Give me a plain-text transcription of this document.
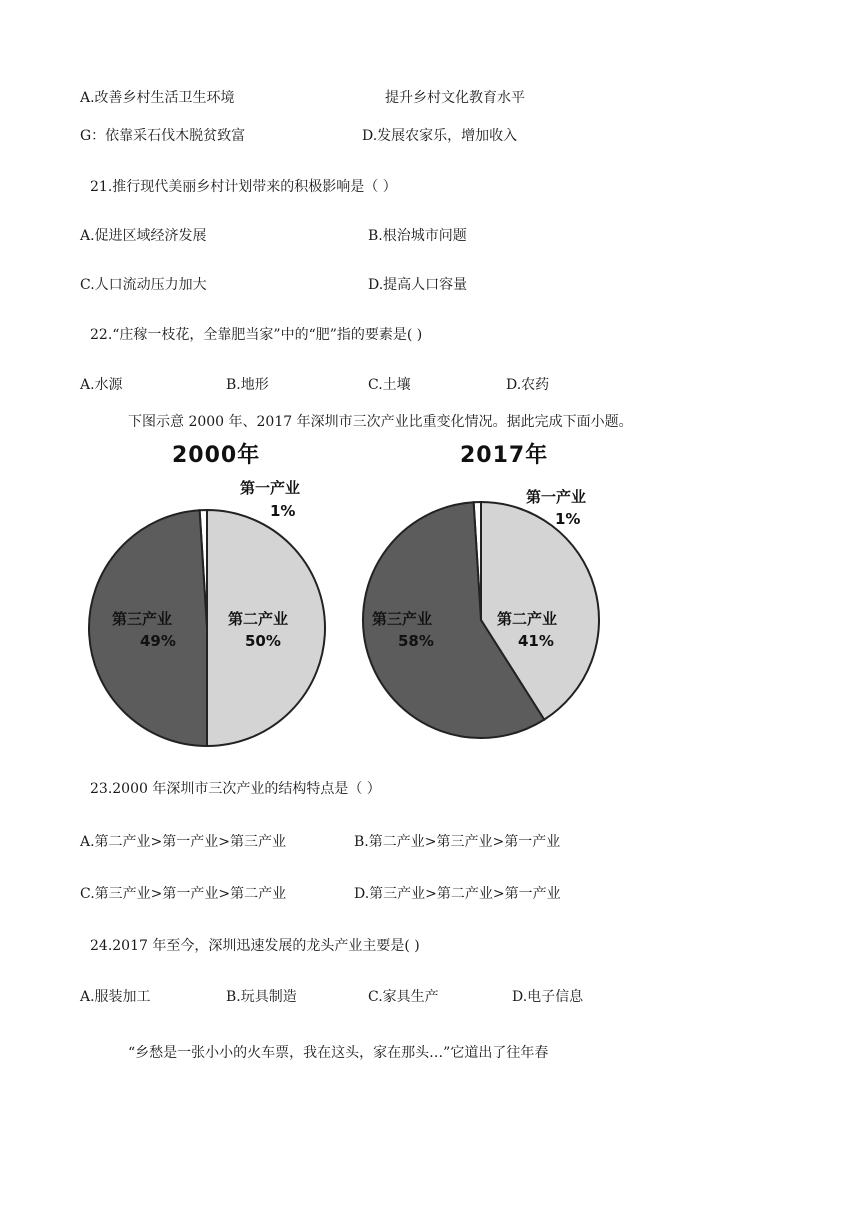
A.改善乡村生活卫生环境	提升乡村文化教育水平
G：依靠采石伐木脱贫致富	D.发展农家乐，增加收入
21.推行现代美丽乡村计划带来的积极影响是（ ）
A.促进区域经济发展	B.根治城市问题
C.人口流动压力加大	D.提高人口容量
22.“庄稼一枝花，全靠肥当家”中的“肥”指的要素是( )
A.水源	B.地形	C.土壤	D.农药
下图示意 2000 年、2017 年深圳市三次产业比重变化情况。据此完成下面小题。
2000年
第一产业
1%
第二产业
50%
第三产业
49%
2017年
第一产业
1%
第二产业
41%
第三产业
58%
23.2000 年深圳市三次产业的结构特点是（ ）
A.第二产业>第一产业>第三产业	B.第二产业>第三产业>第一产业
C.第三产业>第一产业>第二产业	D.第三产业>第二产业>第一产业
24.2017 年至今，深圳迅速发展的龙头产业主要是( )
A.服装加工	B.玩具制造	C.家具生产	D.电子信息
“乡愁是一张小小的火车票，我在这头，家在那头…”它道出了往年春
